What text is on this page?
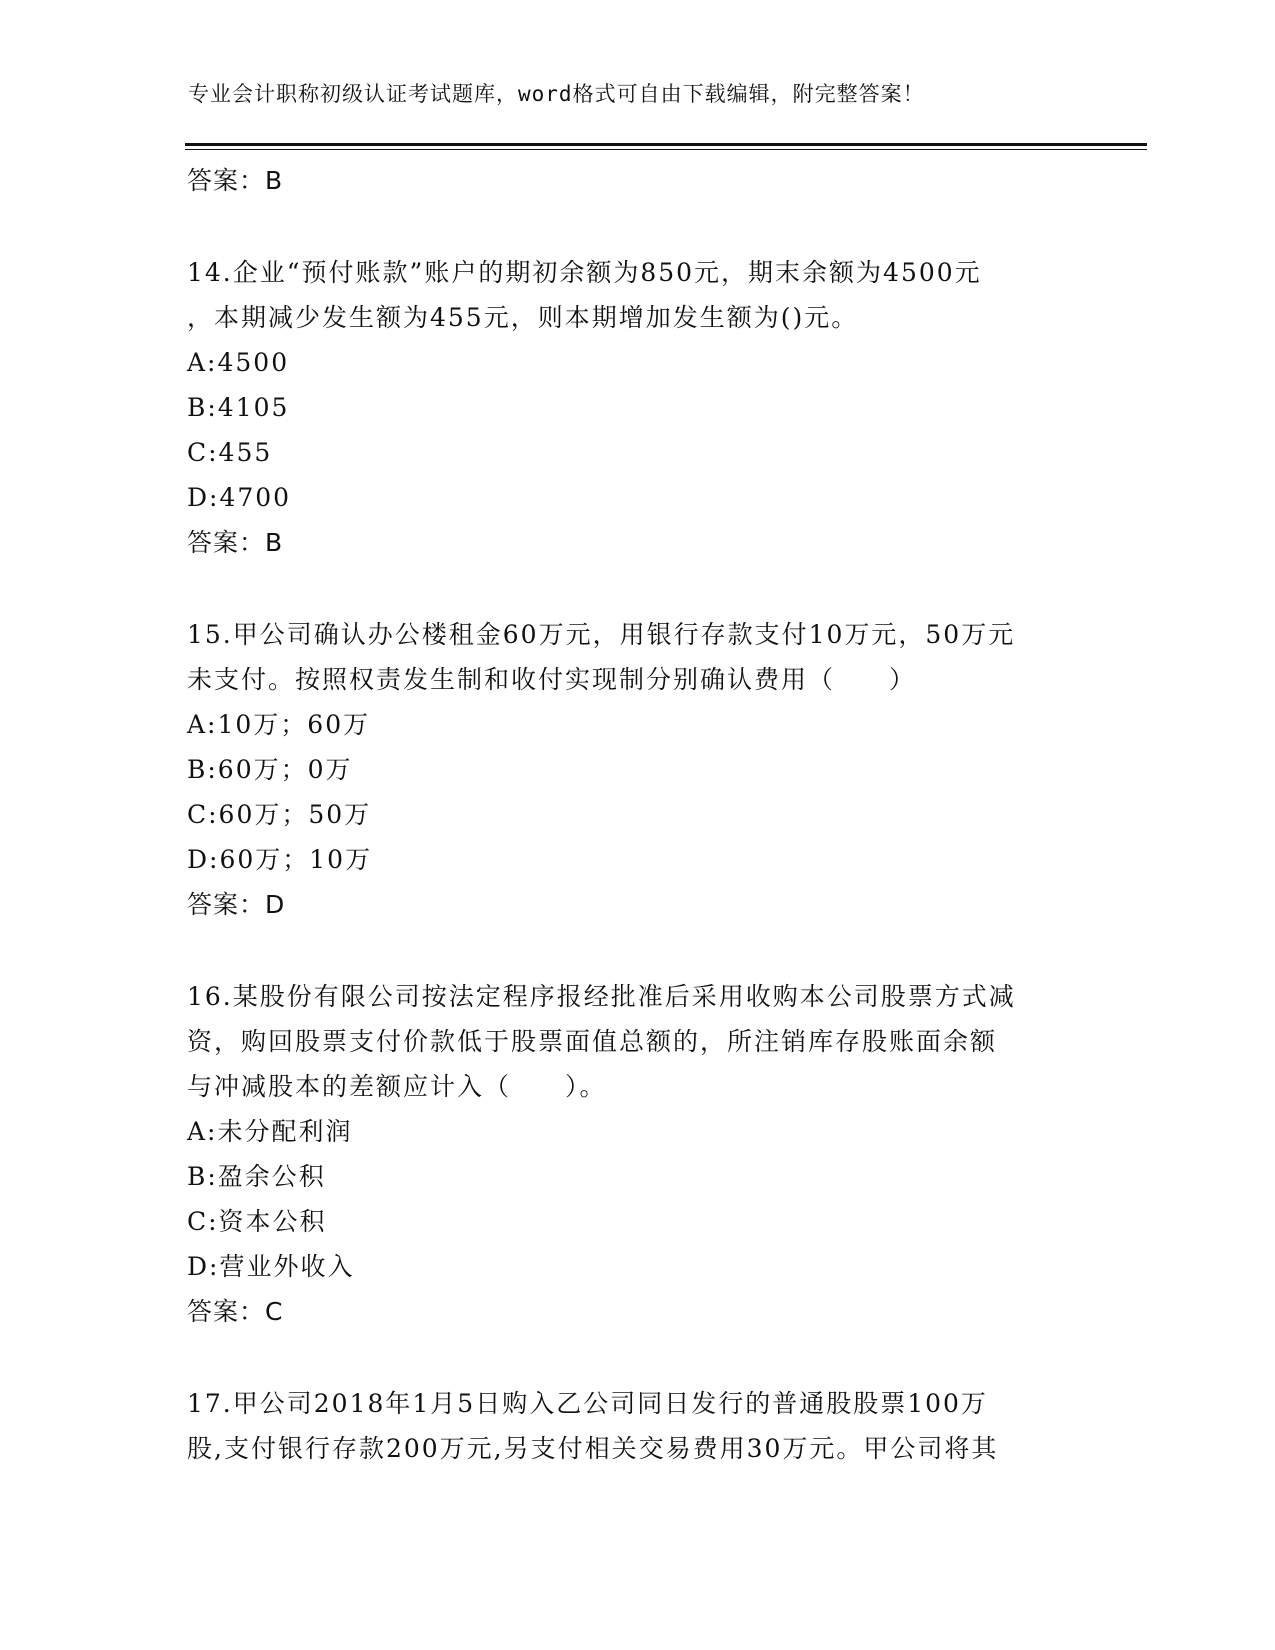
专业会计职称初级认证考试题库，word格式可自由下载编辑，附完整答案！
答案：B
14.企业“预付账款”账户的期初余额为850元，期末余额为4500元
，本期减少发生额为455元，则本期增加发生额为()元。
A:4500
B:4105
C:455
D:4700
答案：B
15.甲公司确认办公楼租金60万元，用银行存款支付10万元，50万元
未支付。按照权责发生制和收付实现制分别确认费用（　　）
A:10万；60万
B:60万；0万
C:60万；50万
D:60万；10万
答案：D
16.某股份有限公司按法定程序报经批准后采用收购本公司股票方式减
资，购回股票支付价款低于股票面值总额的，所注销库存股账面余额
与冲减股本的差额应计入（　　）。
A:未分配利润
B:盈余公积
C:资本公积
D:营业外收入
答案：C
17.甲公司2018年1月5日购入乙公司同日发行的普通股股票100万
股,支付银行存款200万元,另支付相关交易费用30万元。甲公司将其
